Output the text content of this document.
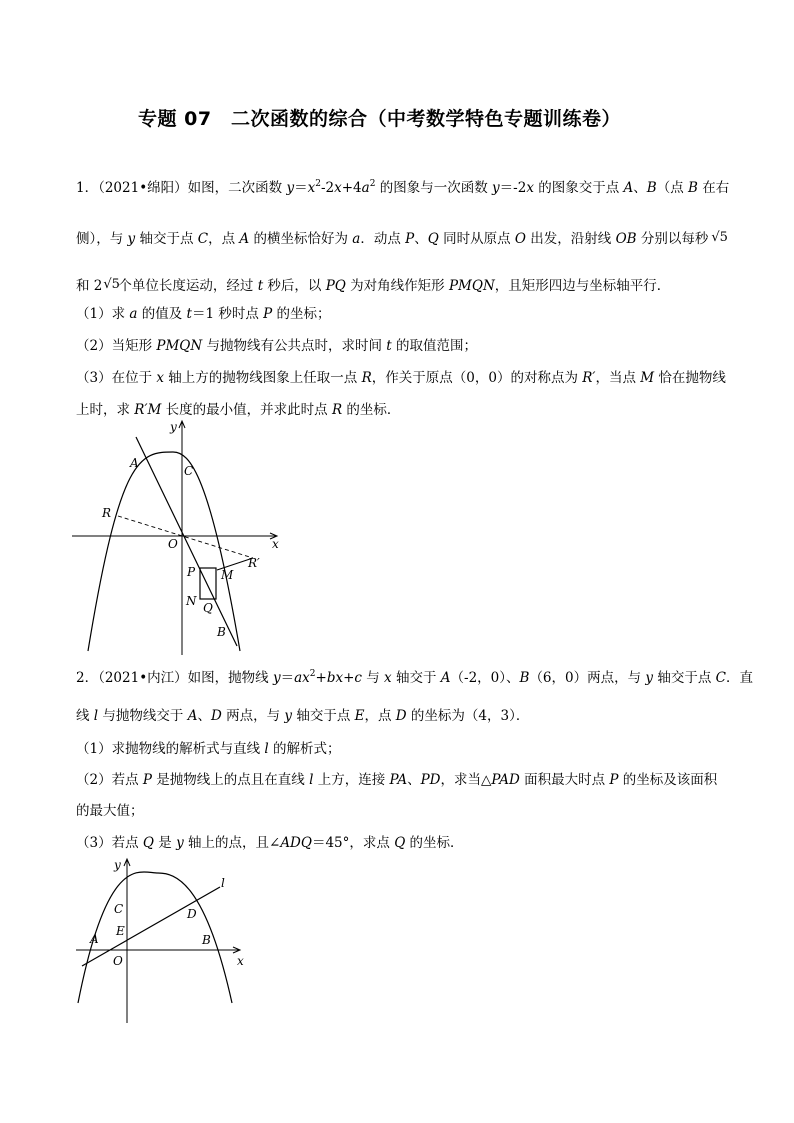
专题 07　二次函数的综合（中考数学特色专题训练卷）
1．（2021•绵阳）如图，二次函数 $y=x^2-2x+4a^2$ 的图象与一次函数 y＝-2x 的图象交于点 A、B（点 B 在右
侧），与 y 轴交于点 C，点 A 的横坐标恰好为 a．动点 P、Q 同时从原点 O 出发，沿射线 OB 分别以每秒 √5
和 2 √5
个单位长度运动，经过 t 秒后，以 PQ 为对角线作矩形 PMQN，且矩形四边与坐标轴平行．
（1）求 a 的值及 t＝1 秒时点 P 的坐标；
（2）当矩形 PMQN 与抛物线有公共点时，求时间 t 的取值范围；
（3）在位于 x 轴上方的抛物线图象上任取一点 R，作关于原点（0，0）的对称点为 R′，当点 M 恰在抛物线
上时，求 R′M 长度的最小值，并求此时点 R 的坐标．
y
x
A
C
R
O
R′
P M
N Q
B
2．（2021•内江）如图，抛物线 $y=ax^2+bx+c$ 与 x 轴交于 A（-2，0）、B（6，0）两点，与 y 轴交于点 C．直
线 l 与抛物线交于 A、D 两点，与 y 轴交于点 E，点 D 的坐标为（4，3）．
（1）求抛物线的解析式与直线 l 的解析式；
（2）若点 P 是抛物线上的点且在直线 l 上方，连接 PA、PD，求当△PAD 面积最大时点 P 的坐标及该面积
的最大值；
（3）若点 Q 是 y 轴上的点，且∠ADQ＝45°，求点 Q 的坐标．
y
x
l
C	D
E
A	B
O
